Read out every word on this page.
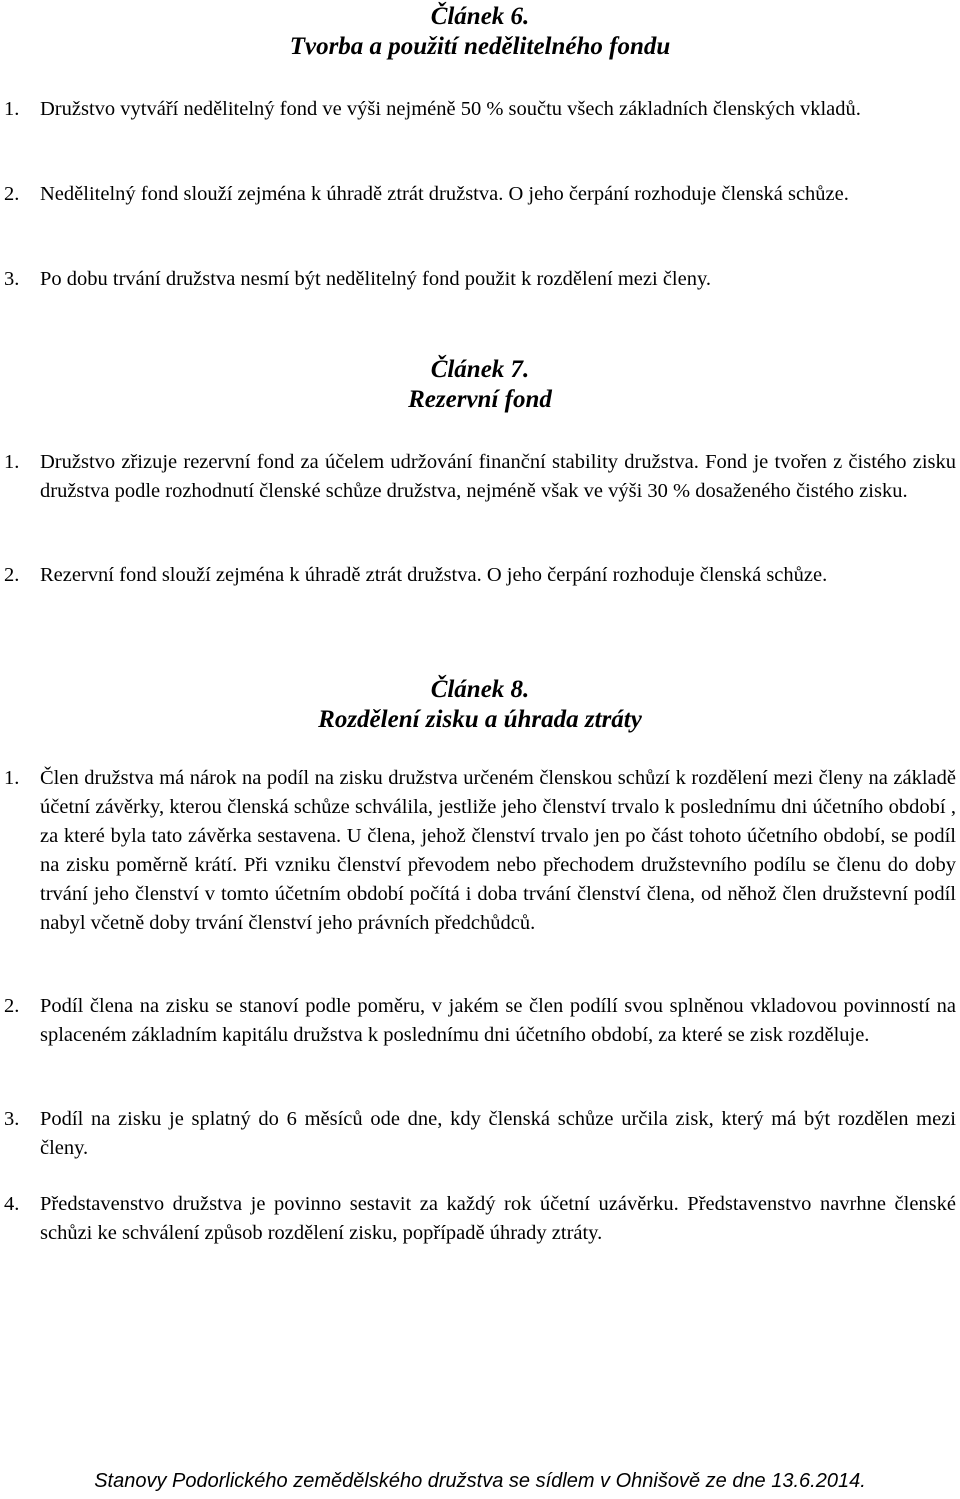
Článek 6.
Tvorba a použití nedělitelného fondu
1. Družstvo vytváří nedělitelný fond ve výši nejméně 50 % součtu všech základních členských vkladů.
2. Nedělitelný fond slouží zejména k úhradě ztrát družstva. O jeho čerpání rozhoduje členská schůze.
3. Po dobu trvání družstva nesmí být nedělitelný fond použit k rozdělení mezi členy.
Článek 7.
Rezervní fond
1. Družstvo zřizuje rezervní fond za účelem udržování finanční stability družstva. Fond je tvořen z čistého zisku družstva podle rozhodnutí členské schůze družstva, nejméně však ve výši 30 % dosaženého čistého zisku.
2. Rezervní fond slouží zejména k úhradě ztrát družstva. O jeho čerpání rozhoduje členská schůze.
Článek 8.
Rozdělení zisku a úhrada ztráty
1. Člen družstva má nárok na podíl na zisku družstva určeném členskou schůzí k rozdělení mezi členy na základě účetní závěrky, kterou členská schůze schválila, jestliže jeho členství trvalo k poslednímu dni účetního období , za které byla tato závěrka sestavena. U člena, jehož členství trvalo jen po část tohoto účetního období, se podíl na zisku poměrně krátí. Při vzniku členství převodem nebo přechodem družstevního podílu se členu do doby trvání jeho členství v tomto účetním období počítá i doba trvání členství člena, od něhož člen družstevní podíl nabyl včetně doby trvání členství jeho právních předchůdců.
2. Podíl člena na zisku se stanoví podle poměru, v jakém se člen podílí svou splněnou vkladovou povinností na splaceném základním kapitálu družstva k poslednímu dni účetního období, za které se zisk rozděluje.
3. Podíl na zisku je splatný do 6 měsíců ode dne, kdy členská schůze určila zisk, který má být rozdělen mezi členy.
4. Představenstvo družstva je povinno sestavit za každý rok účetní uzávěrku. Představenstvo navrhne členské schůzi ke schválení způsob rozdělení zisku, popřípadě úhrady ztráty.
Stanovy Podorlického zemědělského družstva se sídlem v Ohnišově ze dne 13.6.2014.
